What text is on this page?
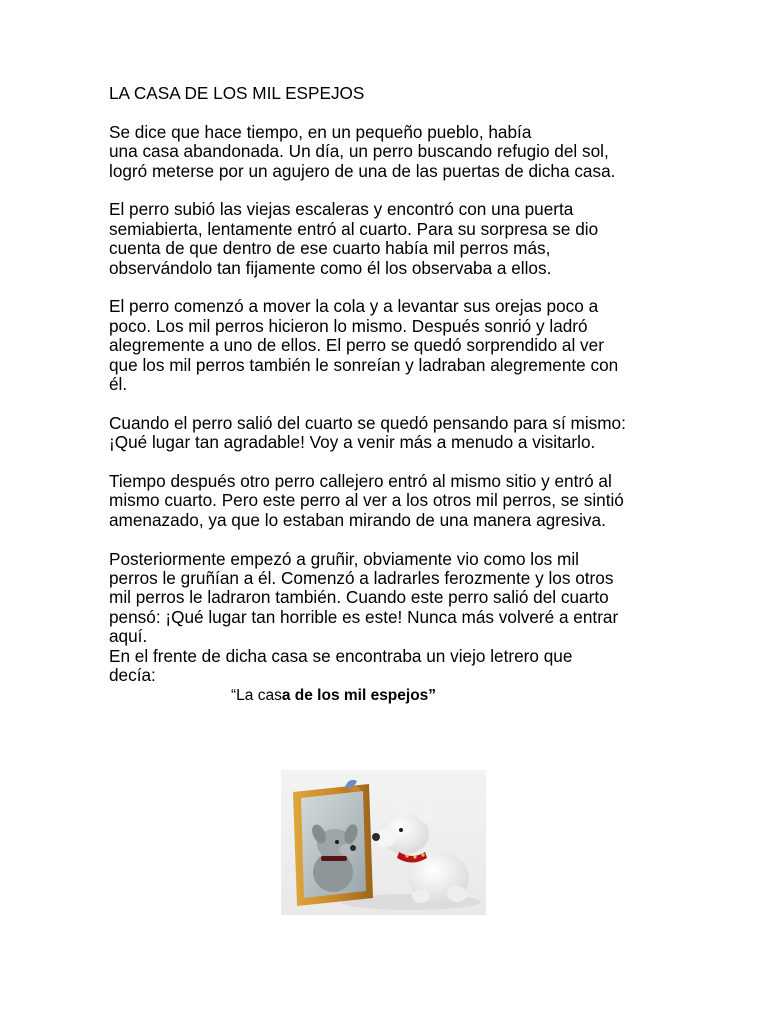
LA CASA DE LOS MIL ESPEJOS

Se dice que hace tiempo, en un pequeño pueblo, había
una casa abandonada. Un día, un perro buscando refugio del sol,
logró meterse por un agujero de una de las puertas de dicha casa.

El perro subió las viejas escaleras y encontró con una puerta
semiabierta, lentamente entró al cuarto. Para su sorpresa se dio
cuenta de que dentro de ese cuarto había mil perros más,
observándolo tan fijamente como él los observaba a ellos.

El perro comenzó a mover la cola y a levantar sus orejas poco a
poco. Los mil perros hicieron lo mismo. Después sonrió y ladró
alegremente a uno de ellos. El perro se quedó sorprendido al ver
que los mil perros también le sonreían y ladraban alegremente con
él.

Cuando el perro salió del cuarto se quedó pensando para sí mismo:
¡Qué lugar tan agradable! Voy a venir más a menudo a visitarlo.

Tiempo después otro perro callejero entró al mismo sitio y entró al
mismo cuarto. Pero este perro al ver a los otros mil perros, se sintió
amenazado, ya que lo estaban mirando de una manera agresiva.

Posteriormente empezó a gruñir, obviamente vio como los mil
perros le gruñían a él. Comenzó a ladrarles ferozmente y los otros
mil perros le ladraron también. Cuando este perro salió del cuarto
pensó: ¡Qué lugar tan horrible es este! Nunca más volveré a entrar
aquí.

En el frente de dicha casa se encontraba un viejo letrero que
decía:

“La casa de los mil espejos”
